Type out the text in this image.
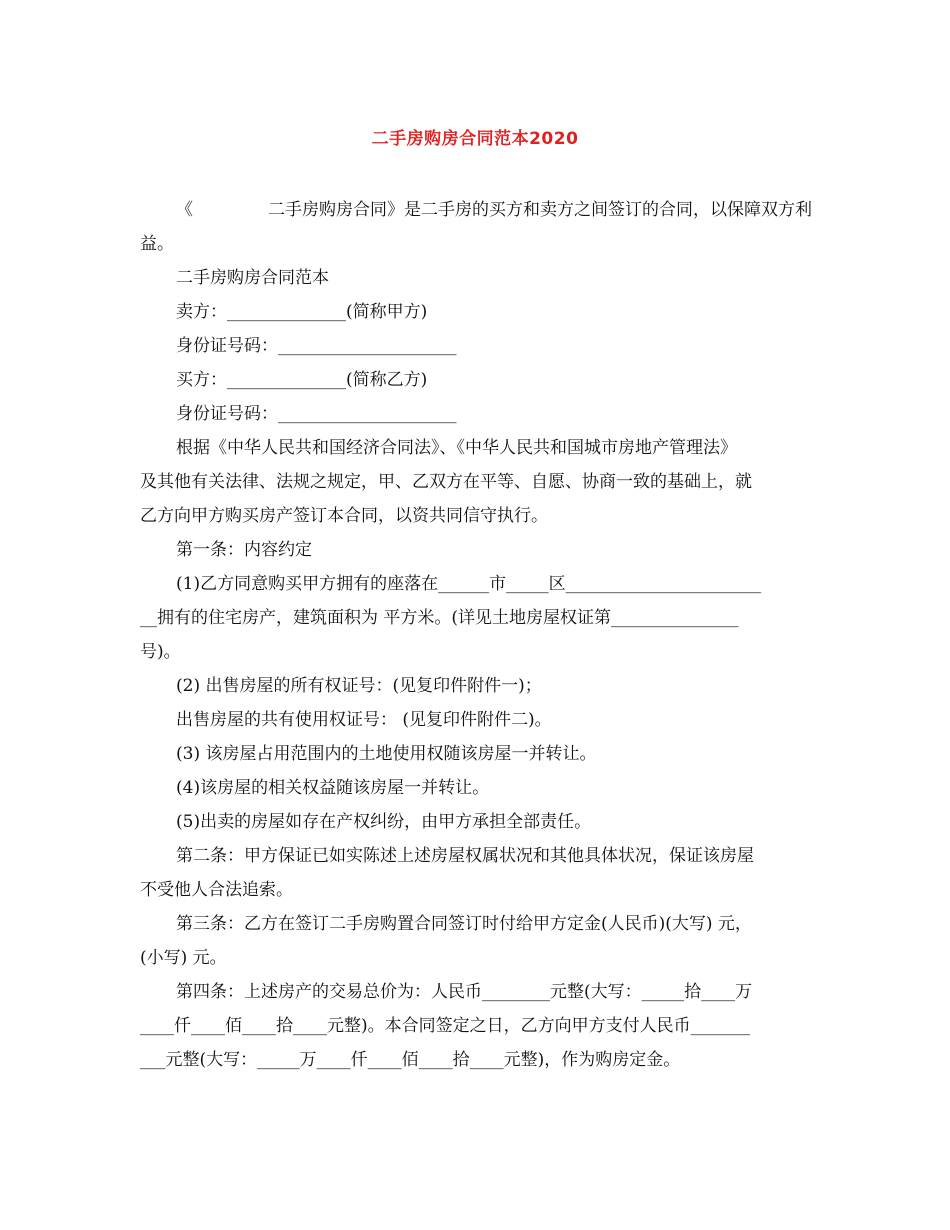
二手房购房合同范本2020
《	二手房购房合同》是二手房的买方和卖方之间签订的合同，以保障双方利
益。
二手房购房合同范本
卖方：______________(简称甲方)
身份证号码：_____________________
买方：______________(简称乙方)
身份证号码：_____________________
根据《中华人民共和国经济合同法》、《中华人民共和国城市房地产管理法》
及其他有关法律、法规之规定，甲、乙双方在平等、自愿、协商一致的基础上，就
乙方向甲方购买房产签订本合同，以资共同信守执行。
第一条：内容约定
(1)乙方同意购买甲方拥有的座落在______市_____区_______________________
__拥有的住宅房产，建筑面积为 平方米。(详见土地房屋权证第_______________
号)。
(2) 出售房屋的所有权证号：(见复印件附件一)；
出售房屋的共有使用权证号： (见复印件附件二)。
(3) 该房屋占用范围内的土地使用权随该房屋一并转让。
(4)该房屋的相关权益随该房屋一并转让。
(5)出卖的房屋如存在产权纠纷，由甲方承担全部责任。
第二条：甲方保证已如实陈述上述房屋权属状况和其他具体状况，保证该房屋
不受他人合法追索。
第三条：乙方在签订二手房购置合同签订时付给甲方定金(人民币)(大写) 元，
(小写) 元。
第四条：上述房产的交易总价为：人民币________元整(大写：_____拾____万
____仟____佰____拾____元整)。本合同签定之日，乙方向甲方支付人民币_______
___元整(大写：_____万____仟____佰____拾____元整)，作为购房定金。
